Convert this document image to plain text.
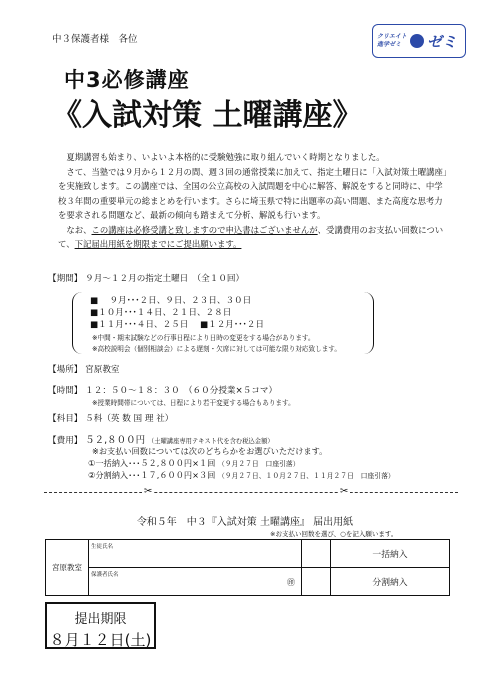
中３保護者様　各位	クリエイト
進学ゼミ	ゼミ
中3必修講座
《入試対策 土曜講座》

夏期講習も始まり、いよいよ本格的に受験勉強に取り組んでいく時期となりました。

さて、当塾では９月から１２月の間、週３回の通常授業に加えて、指定土曜日に「入試対策土曜講座」を実施致します。この講座では、全国の公立高校の入試問題を中心に解答、解説をすると同時に、中学校３年間の重要単元の総まとめを行います。さらに埼玉県で特に出題率の高い問題、また高度な思考力を要求される問題など、最新の傾向も踏まえて分析、解説も行います。

なお、この講座は必修受講と致しますので申込書はございませんが、受講費用のお支払い回数について、下記届出用紙を期限までにご提出願います。

【期間】 ９月～１２月の指定土曜日　（全１０回）
■　 ９月･･･２日、９日、２３日、３０日
■１０月･･･１４日、２１日、２８日
■１１月･･･４日、２５日 ■１２月･･･２日
※中間・期末試験などの行事日程により日時の変更をする場合があります。
※高校説明会（個別相談会）による遅刻・欠席に対しては可能な限り対応致します。
【場所】 宮原教室
【時間】 １２：５０～１８：３０　（６０分授業×５コマ）
※授業時間帯については、日程により若干変更する場合もあります。
【科目】 ５科（英 数 国 理 社）
【費用】 ５２,８００円 （土曜講座専用テキスト代を含む税込金額）
※お支払い回数については次のどちらかをお選びいただけます。
①一括納入･･･５２,８００円×１回 （９月２７日　口座引落）
②分割納入･･･１７,６００円×３回 （９月２７日、１０月２７日、１１月２７日　口座引落）
✂	✂
令和５年　中３『入試対策 土曜講座』 届出用紙
※お支払い回数を選び、○を記入願います。
宮原教室	生徒氏名		一括納入

	保護者氏名
㊞		分割納入
提出期限
８月１２日(土)
